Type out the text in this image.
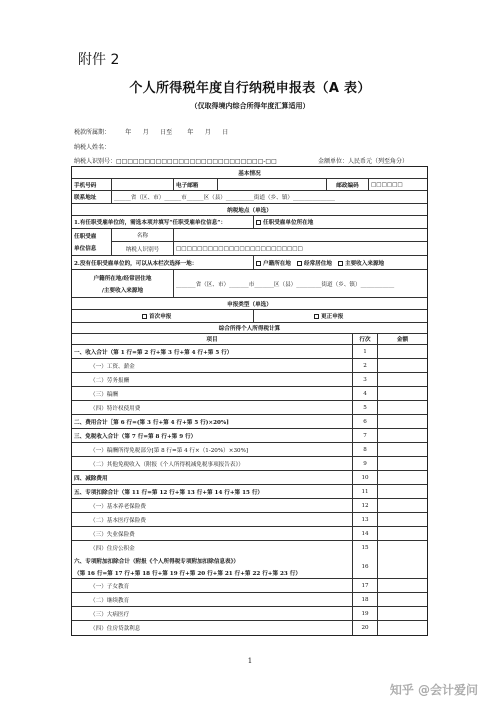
附件 2
个人所得税年度自行纳税申报表（A 表）
（仅取得境内综合所得年度汇算适用）
税款所属期：        年      月      日至        年      月      日
纳税人姓名：
纳税人识别号：□□□□□□□□□□□□□□□□□□□□□□□□□□-□□	金额单位：人民币元（列至角分）
基本情况
手机号码	电子邮箱	邮政编码	□□□□□□
联系地址	______省（区、市）______市______区（县）__________街道（乡、镇）_______________
纳税地点（单选）
1.有任职受雇单位的，需选本项并填写“任职受雇单位信息”：	任职受雇单位所在地
任职受雇
单位信息
名称
纳税人识别号	□□□□□□□□□□□□□□□□□□□□□□□□
2.没有任职受雇单位的，可以从本栏次选择一地：	户籍所在地	经常居住地	主要收入来源地
户籍所在地/经常居住地
/主要收入来源地
_______省（区、市）_______市_______区（县）_________街道（乡、镇）____________
申报类型（单选）
首次申报	更正申报
综合所得个人所得税计算
项目	行次	金额
一、收入合计（第 1 行=第 2 行+第 3 行+第 4 行+第 5 行）	1
（一）工资、薪金	2
（二）劳务报酬	3
（三）稿酬	4
（四）特许权使用费	5
二、费用合计［第 6 行=(第 3 行+第 4 行+第 5 行)×20%]	6
三、免税收入合计（第 7 行=第 8 行+第 9 行）	7
（一）稿酬所得免税部分[第 8 行=第 4 行×（1-20%）×30%]	8
（二）其他免税收入（附报《个人所得税减免税事项报告表》）	9
四、减除费用	10
五、专项扣除合计（第 11 行=第 12 行+第 13 行+第 14 行+第 15 行）	11
（一）基本养老保险费	12
（二）基本医疗保险费	13
（三）失业保险费	14
（四）住房公积金	15
六、专项附加扣除合计（附报《个人所得税专项附加扣除信息表》）
（第 16 行=第 17 行+第 18 行+第 19 行+第 20 行+第 21 行+第 22 行+第 23 行）
16
（一）子女教育	17
（二）继续教育	18
（三）大病医疗	19
（四）住房贷款利息	20
1
知乎 @会计爱问
